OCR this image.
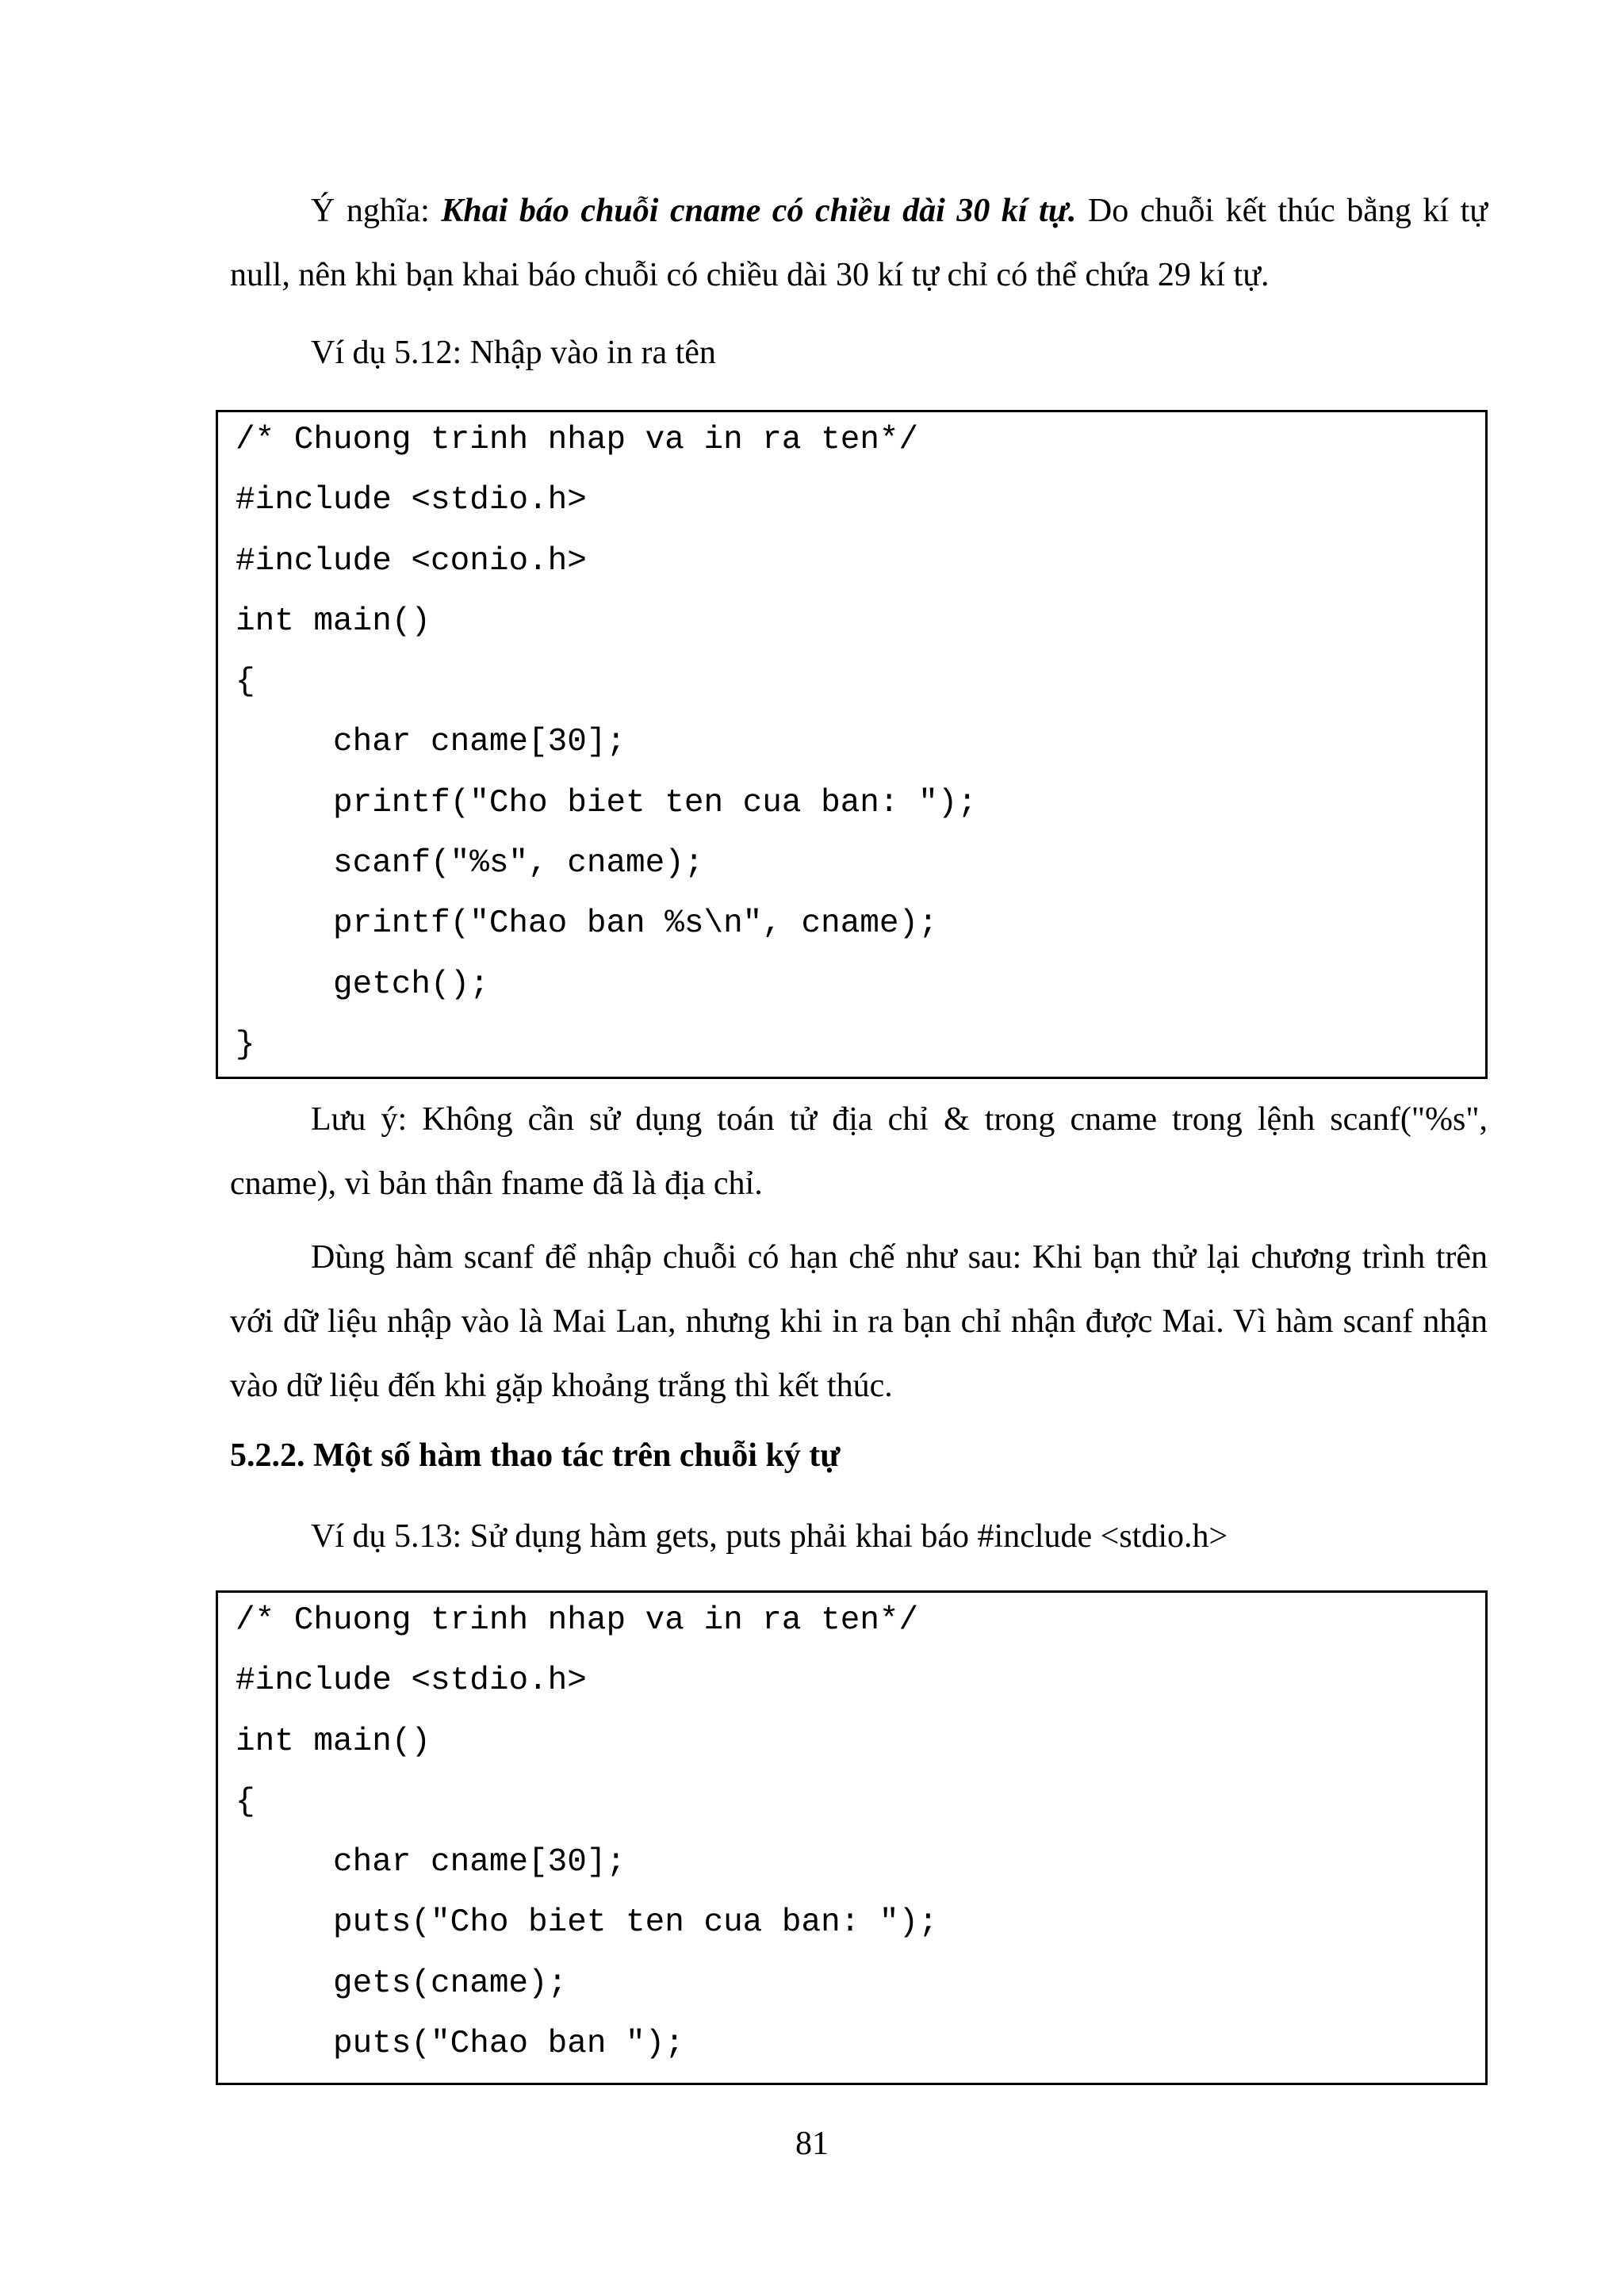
Ý nghĩa: Khai báo chuỗi cname có chiều dài 30 kí tự. Do chuỗi kết thúc bằng kí tự null, nên khi bạn khai báo chuỗi có chiều dài 30 kí tự chỉ có thể chứa 29 kí tự.

Ví dụ 5.12: Nhập vào in ra tên

/* Chuong trinh nhap va in ra ten*/
#include <stdio.h>
#include <conio.h>
int main()
{
char cname[30];
printf("Cho biet ten cua ban: ");
scanf("%s", cname);
printf("Chao ban %s\n", cname);
getch();
}

Lưu ý: Không cần sử dụng toán tử địa chỉ & trong cname trong lệnh scanf("%s", cname), vì bản thân fname đã là địa chỉ.

Dùng hàm scanf để nhập chuỗi có hạn chế như sau: Khi bạn thử lại chương trình trên với dữ liệu nhập vào là Mai Lan, nhưng khi in ra bạn chỉ nhận được Mai. Vì hàm scanf nhận vào dữ liệu đến khi gặp khoảng trắng thì kết thúc.

5.2.2. Một số hàm thao tác trên chuỗi ký tự

Ví dụ 5.13: Sử dụng hàm gets, puts phải khai báo #include <stdio.h>

/* Chuong trinh nhap va in ra ten*/
#include <stdio.h>
int main()
{
char cname[30];
puts("Cho biet ten cua ban: ");
gets(cname);
puts("Chao ban ");
81
